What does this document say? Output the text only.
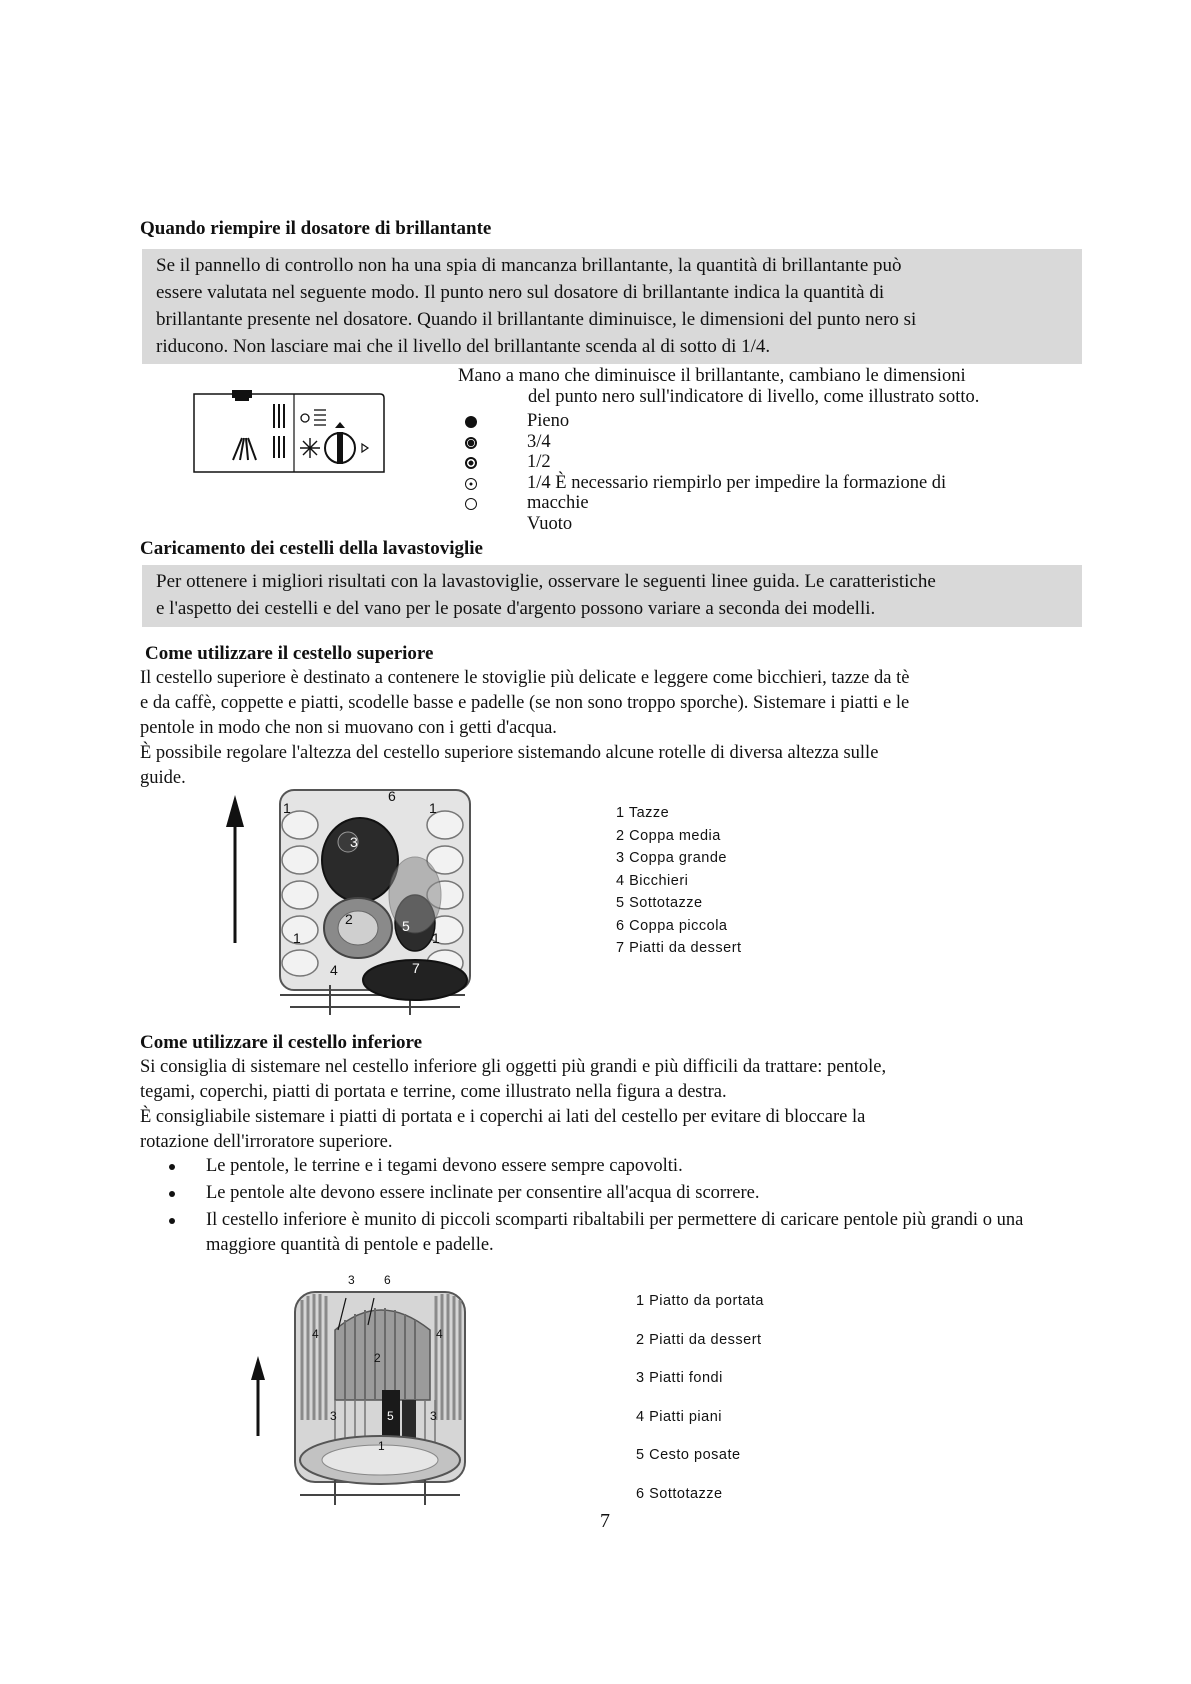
Quando riempire il dosatore di brillantante
Se il pannello di controllo non ha una spia di mancanza brillantante, la quantità di brillantante può
essere valutata nel seguente modo. Il punto nero sul dosatore di brillantante indica la quantità di
brillantante presente nel dosatore. Quando il brillantante diminuisce, le dimensioni del punto nero si
riducono. Non lasciare mai che il livello del brillantante scenda al di sotto di 1/4.
Mano a mano che diminuisce il brillantante, cambiano le dimensioni
del punto nero sull'indicatore di livello, come illustrato sotto.
Pieno
3/4
1/2
1/4 È necessario riempirlo per impedire la formazione di
macchie
Vuoto
Caricamento dei cestelli della lavastoviglie
Per ottenere i migliori risultati con la lavastoviglie, osservare le seguenti linee guida. Le caratteristiche
e l'aspetto dei cestelli e del vano per le posate d'argento possono variare a seconda dei modelli.
Come utilizzare il cestello superiore
Il cestello superiore è destinato a contenere le stoviglie più delicate e leggere come bicchieri, tazze da tè
e da caffè, coppette e piatti, scodelle basse e padelle (se non sono troppo sporche). Sistemare i piatti e le
pentole in modo che non si muovano con i getti d'acqua.
È possibile regolare l'altezza del cestello superiore sistemando alcune rotelle di diversa altezza sulle
guide.
1
6
1
3
2	5
1	1
4	7
1 Tazze
2 Coppa media
3 Coppa grande
4 Bicchieri
5 Sottotazze
6 Coppa piccola
7 Piatti da dessert
Come utilizzare il cestello inferiore
Si consiglia di sistemare nel cestello inferiore gli oggetti più grandi e più difficili da trattare: pentole,
tegami, coperchi, piatti di portata e terrine, come illustrato nella figura a destra.
È consigliabile sistemare i piatti di portata e i coperchi ai lati del cestello per evitare di bloccare la
rotazione dell'irroratore superiore.
Le pentole, le terrine e i tegami devono essere sempre capovolti.
Le pentole alte devono essere inclinate per consentire all'acqua di scorrere.
Il cestello inferiore è munito di piccoli scomparti ribaltabili per permettere di caricare pentole più grandi o una maggiore quantità di pentole e padelle.
3 6
4	4
2
3	5	3
1
1 Piatto da portata
2 Piatti da dessert
3 Piatti fondi
4 Piatti piani
5 Cesto posate
6 Sottotazze
7
